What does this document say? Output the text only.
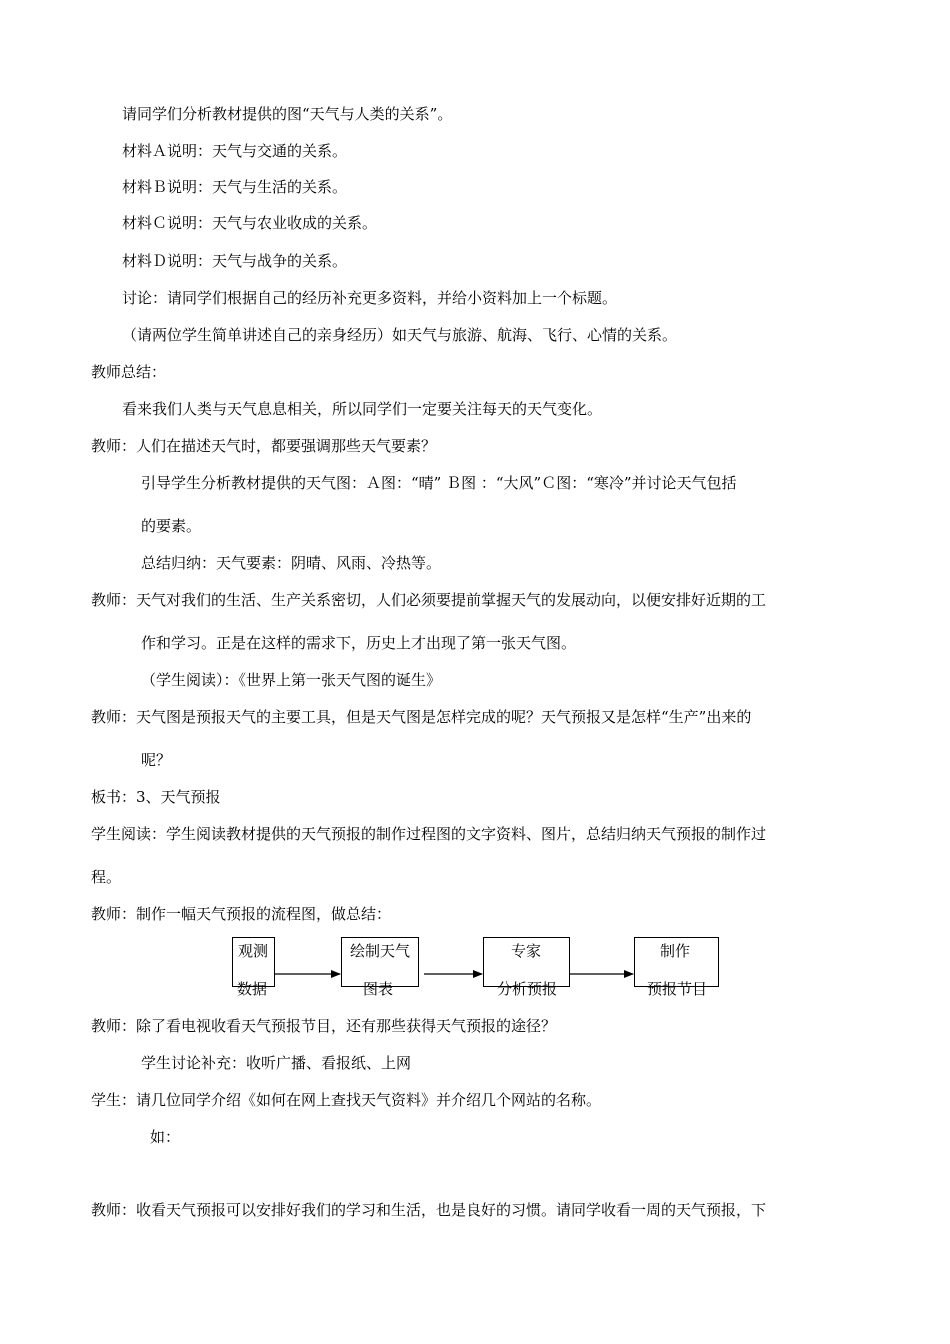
请同学们分析教材提供的图“天气与人类的关系”。
材料Ａ说明：天气与交通的关系。
材料Ｂ说明：天气与生活的关系。
材料Ｃ说明：天气与农业收成的关系。
材料Ｄ说明：天气与战争的关系。
讨论：请同学们根据自己的经历补充更多资料，并给小资料加上一个标题。
（请两位学生简单讲述自己的亲身经历）如天气与旅游、航海、飞行、心情的关系。
教师总结：
看来我们人类与天气息息相关，所以同学们一定要关注每天的天气变化。
教师：人们在描述天气时，都要强调那些天气要素？
引导学生分析教材提供的天气图：Ａ图：“晴” Ｂ图 ：“大风”Ｃ图：“寒冷”并讨论天气包括
的要素。
总结归纳：天气要素：阴晴、风雨、冷热等。
教师：天气对我们的生活、生产关系密切，人们必须要提前掌握天气的发展动向，以便安排好近期的工
作和学习。正是在这样的需求下，历史上才出现了第一张天气图。
（学生阅读）：《世界上第一张天气图的诞生》
教师：天气图是预报天气的主要工具，但是天气图是怎样完成的呢？天气预报又是怎样“生产”出来的
呢？
板书：3、天气预报
学生阅读：学生阅读教材提供的天气预报的制作过程图的文字资料、图片，总结归纳天气预报的制作过
程。
教师：制作一幅天气预报的流程图，做总结：
观测
数据
绘制天气
图表
专家
分析预报
制作
预报节目
教师：除了看电视收看天气预报节目，还有那些获得天气预报的途径？
学生讨论补充：收听广播、看报纸、上网
学生：请几位同学介绍《如何在网上查找天气资料》并介绍几个网站的名称。
如：
教师：收看天气预报可以安排好我们的学习和生活，也是良好的习惯。请同学收看一周的天气预报，下
